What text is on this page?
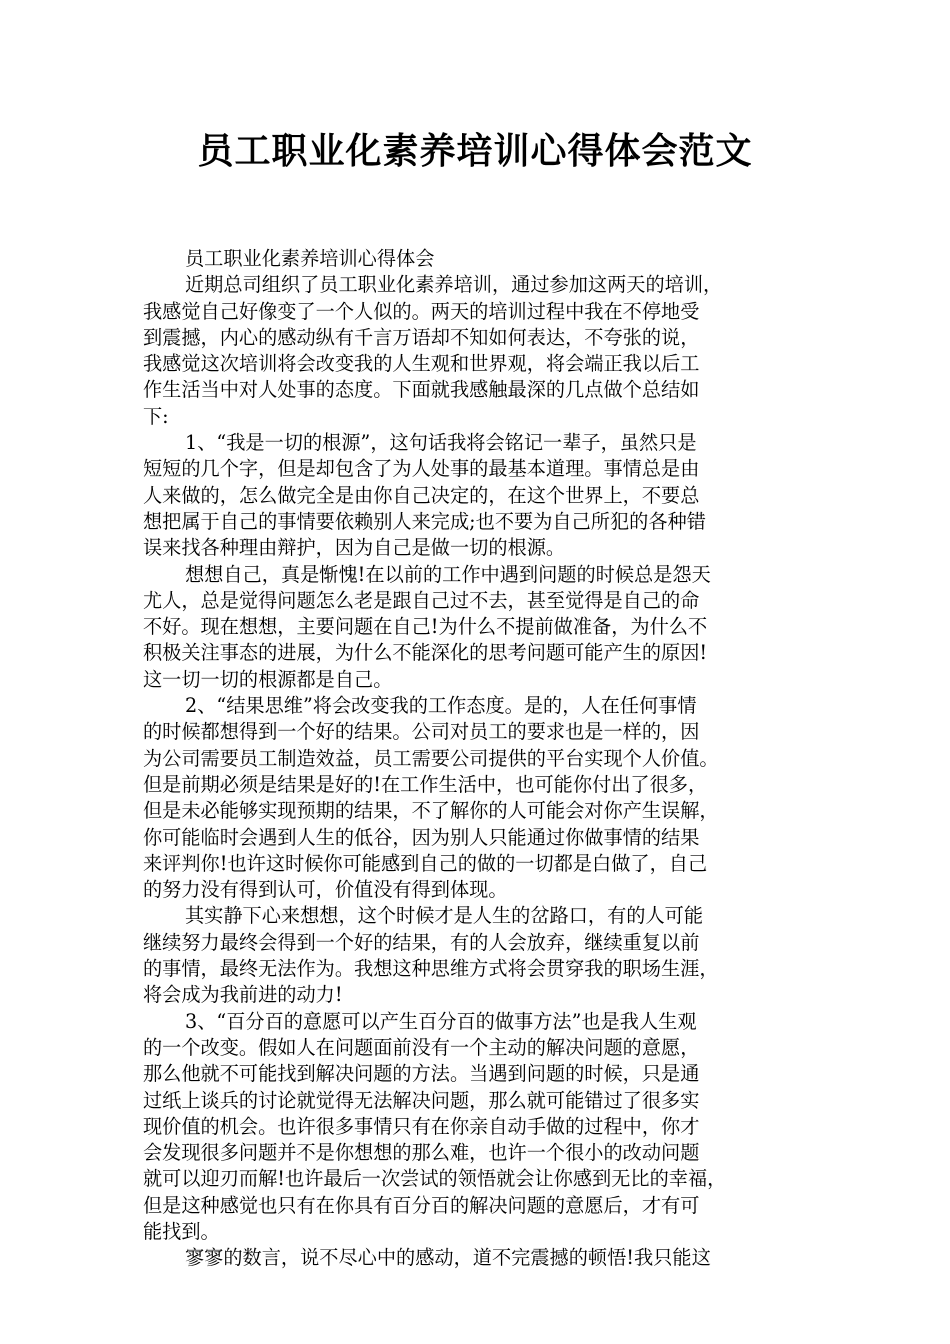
员工职业化素养培训心得体会范文
员工职业化素养培训心得体会
近期总司组织了员工职业化素养培训，通过参加这两天的培训，
我感觉自己好像变了一个人似的。两天的培训过程中我在不停地受
到震撼，内心的感动纵有千言万语却不知如何表达，不夸张的说，
我感觉这次培训将会改变我的人生观和世界观，将会端正我以后工
作生活当中对人处事的态度。下面就我感触最深的几点做个总结如
下:
1、“我是一切的根源”，这句话我将会铭记一辈子，虽然只是
短短的几个字，但是却包含了为人处事的最基本道理。事情总是由
人来做的，怎么做完全是由你自己决定的，在这个世界上，不要总
想把属于自己的事情要依赖别人来完成;也不要为自己所犯的各种错
误来找各种理由辩护，因为自己是做一切的根源。
想想自己，真是惭愧!在以前的工作中遇到问题的时候总是怨天
尤人，总是觉得问题怎么老是跟自己过不去，甚至觉得是自己的命
不好。现在想想，主要问题在自己!为什么不提前做准备，为什么不
积极关注事态的进展，为什么不能深化的思考问题可能产生的原因!
这一切一切的根源都是自己。
2、“结果思维”将会改变我的工作态度。是的，人在任何事情
的时候都想得到一个好的结果。公司对员工的要求也是一样的，因
为公司需要员工制造效益，员工需要公司提供的平台实现个人价值。
但是前期必须是结果是好的!在工作生活中，也可能你付出了很多，
但是未必能够实现预期的结果，不了解你的人可能会对你产生误解，
你可能临时会遇到人生的低谷，因为别人只能通过你做事情的结果
来评判你!也许这时候你可能感到自己的做的一切都是白做了，自己
的努力没有得到认可，价值没有得到体现。
其实静下心来想想，这个时候才是人生的岔路口，有的人可能
继续努力最终会得到一个好的结果，有的人会放弃，继续重复以前
的事情，最终无法作为。我想这种思维方式将会贯穿我的职场生涯，
将会成为我前进的动力!
3、“百分百的意愿可以产生百分百的做事方法”也是我人生观
的一个改变。假如人在问题面前没有一个主动的解决问题的意愿，
那么他就不可能找到解决问题的方法。当遇到问题的时候，只是通
过纸上谈兵的讨论就觉得无法解决问题，那么就可能错过了很多实
现价值的机会。也许很多事情只有在你亲自动手做的过程中，你才
会发现很多问题并不是你想想的那么难，也许一个很小的改动问题
就可以迎刃而解!也许最后一次尝试的领悟就会让你感到无比的幸福，
但是这种感觉也只有在你具有百分百的解决问题的意愿后，才有可
能找到。
寥寥的数言，说不尽心中的感动，道不完震撼的顿悟!我只能这
